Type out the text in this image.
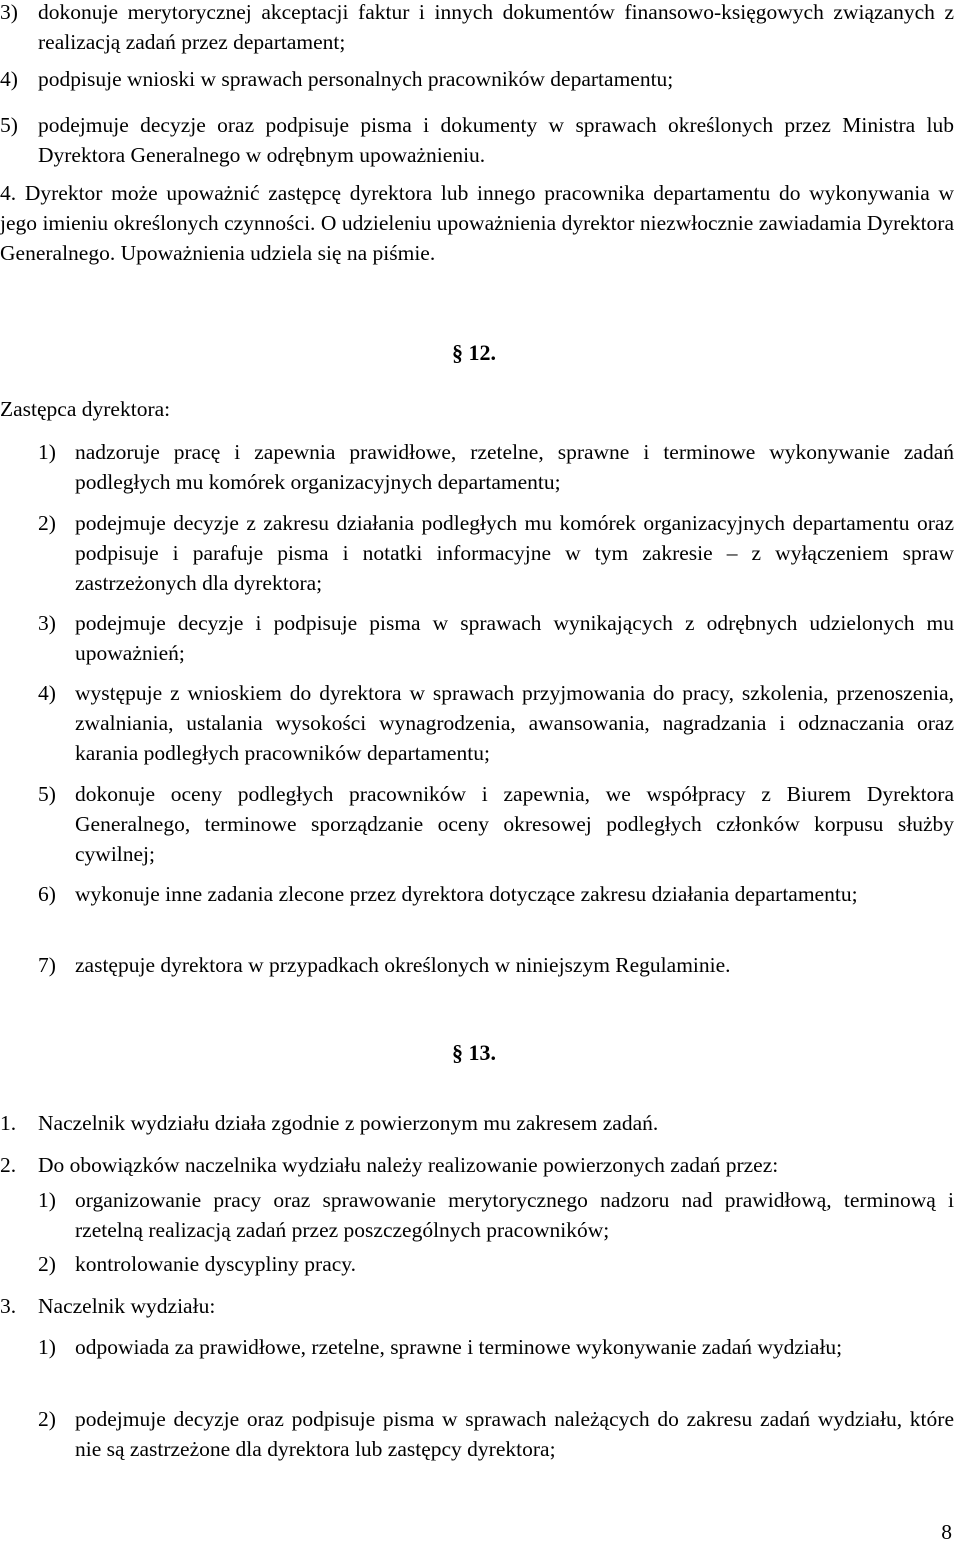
3) dokonuje merytorycznej akceptacji faktur i innych dokumentów finansowo-księgowych związanych z realizacją zadań przez departament;

4) podpisuje wnioski w sprawach personalnych pracowników departamentu;

5) podejmuje decyzje oraz podpisuje pisma i dokumenty w sprawach określonych przez Ministra lub Dyrektora Generalnego w odrębnym upoważnieniu.

4. Dyrektor może upoważnić zastępcę dyrektora lub innego pracownika departamentu do wykonywania w jego imieniu określonych czynności. O udzieleniu upoważnienia dyrektor niezwłocznie zawiadamia Dyrektora Generalnego. Upoważnienia udziela się na piśmie.

§ 12.

Zastępca dyrektora:

1) nadzoruje pracę i zapewnia prawidłowe, rzetelne, sprawne i terminowe wykonywanie zadań podległych mu komórek organizacyjnych departamentu;

2) podejmuje decyzje z zakresu działania podległych mu komórek organizacyjnych departamentu oraz podpisuje i parafuje pisma i notatki informacyjne w tym zakresie – z wyłączeniem spraw zastrzeżonych dla dyrektora;

3) podejmuje decyzje i podpisuje pisma w sprawach wynikających z odrębnych udzielonych mu upoważnień;

4) występuje z wnioskiem do dyrektora w sprawach przyjmowania do pracy, szkolenia, przenoszenia, zwalniania, ustalania wysokości wynagrodzenia, awansowania, nagradzania i odznaczania oraz karania podległych pracowników departamentu;

5) dokonuje oceny podległych pracowników i zapewnia, we współpracy z Biurem Dyrektora Generalnego, terminowe sporządzanie oceny okresowej podległych członków korpusu służby cywilnej;

6) wykonuje inne zadania zlecone przez dyrektora dotyczące zakresu działania departamentu;

7) zastępuje dyrektora w przypadkach określonych w niniejszym Regulaminie.

§ 13.

1. Naczelnik wydziału działa zgodnie z powierzonym mu zakresem zadań.

2. Do obowiązków naczelnika wydziału należy realizowanie powierzonych zadań przez:

1) organizowanie pracy oraz sprawowanie merytorycznego nadzoru nad prawidłową, terminową i rzetelną realizacją zadań przez poszczególnych pracowników;

2) kontrolowanie dyscypliny pracy.

3. Naczelnik wydziału:

1) odpowiada za prawidłowe, rzetelne, sprawne i terminowe wykonywanie zadań wydziału;

2) podejmuje decyzje oraz podpisuje pisma w sprawach należących do zakresu zadań wydziału, które nie są zastrzeżone dla dyrektora lub zastępcy dyrektora;

8
